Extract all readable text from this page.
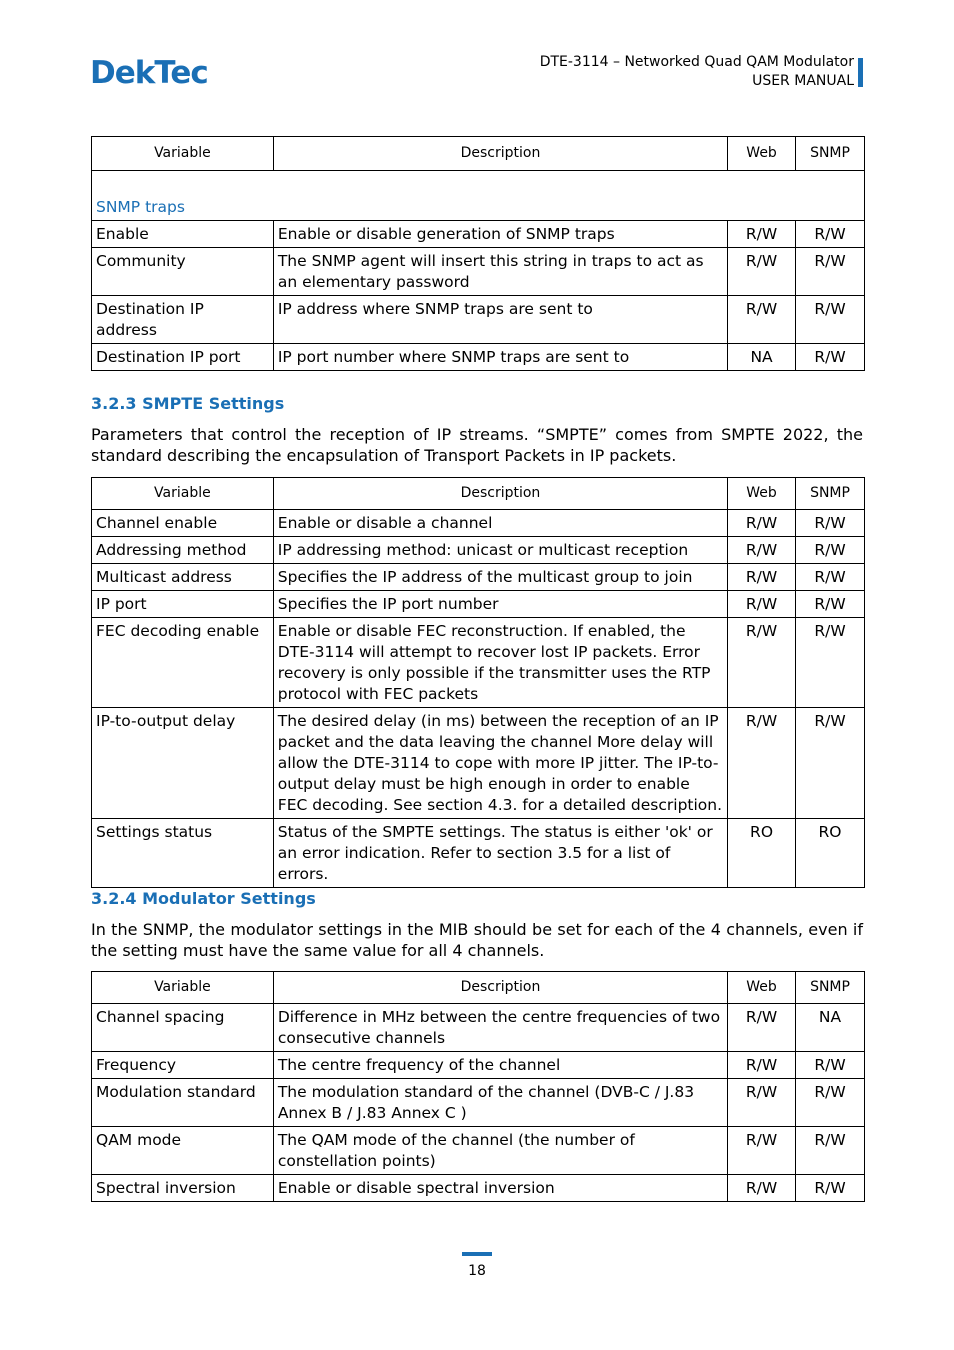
DekTec	DTE-3114 – Networked Quad QAM Modulator
USER MANUAL
Variable	Description	Web	SNMP
SNMP traps			
Enable	Enable or disable generation of SNMP traps	R/W	R/W
Community	The SNMP agent will insert this string in traps to act as an elementary password	R/W	R/W
Destination IP address	IP address where SNMP traps are sent to	R/W	R/W
Destination IP port	IP port number where SNMP traps are sent to	NA	R/W
3.2.3 SMPTE Settings

Parameters that control the reception of IP streams. “SMPTE” comes from SMPTE 2022, the standard describing the encapsulation of Transport Packets in IP packets.

Variable	Description	Web	SNMP
Channel enable	Enable or disable a channel	R/W	R/W
Addressing method	IP addressing method: unicast or multicast reception	R/W	R/W
Multicast address	Specifies the IP address of the multicast group to join	R/W	R/W
IP port	Specifies the IP port number	R/W	R/W
FEC decoding enable	Enable or disable FEC reconstruction. If enabled, the DTE-3114 will attempt to recover lost IP packets. Error recovery is only possible if the transmitter uses the RTP protocol with FEC packets	R/W	R/W
IP-to-output delay	The desired delay (in ms) between the reception of an IP packet and the data leaving the channel More delay will allow the DTE-3114 to cope with more IP jitter. The IP-to-output delay must be high enough in order to enable FEC decoding. See section 4.3. for a detailed description.	R/W	R/W
Settings status	Status of the SMPTE settings. The status is either 'ok' or an error indication. Refer to section 3.5 for a list of errors.	RO	RO
3.2.4 Modulator Settings

In the SNMP, the modulator settings in the MIB should be set for each of the 4 channels, even if the setting must have the same value for all 4 channels.

Variable	Description	Web	SNMP
Channel spacing	Difference in MHz between the centre frequencies of two consecutive channels	R/W	NA
Frequency	The centre frequency of the channel	R/W	R/W
Modulation standard	The modulation standard of the channel (DVB-C / J.83 Annex B / J.83 Annex C )	R/W	R/W
QAM mode	The QAM mode of the channel (the number of constellation points)	R/W	R/W
Spectral inversion	Enable or disable spectral inversion	R/W	R/W
18
